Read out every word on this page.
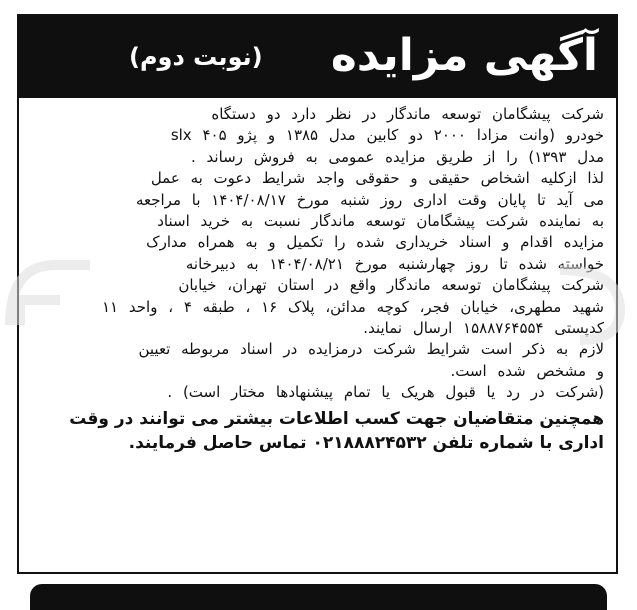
آگهی مزایده
(نوبت دوم)
شرکت پیشگامان توسعه ماندگار در نظر دارد دو دستگاه
خودرو (وانت مزادا ۲۰۰۰ دو کابین مدل ۱۳۸۵ و پژو ۴۰۵ slx
مدل ۱۳۹۳) را از طریق مزایده عمومی به فروش رساند .
لذا ازکلیه اشخاص حقیقی و حقوقی واجد شرایط دعوت به عمل
می آید تا پایان وقت اداری روز شنبه مورخ ۱۴۰۴/۰۸/۱۷ با مراجعه
به نماینده شرکت پیشگامان توسعه ماندگار نسبت به خرید اسناد
مزایده اقدام و اسناد خریداری شده را تکمیل و به همراه مدارک
خواسته شده تا روز چهارشنبه مورخ ۱۴۰۴/۰۸/۲۱ به دبیرخانه
شرکت پیشگامان توسعه ماندگار واقع در استان تهران، خیابان
شهید مطهری، خیابان فجر، کوچه مدائن، پلاک ۱۶ ، طبقه ۴ ، واحد ۱۱
کدپستی ۱۵۸۸۷۶۴۵۵۴ ارسال نمایند.
لازم به ذکر است شرایط شرکت درمزایده در اسناد مربوطه تعیین
و مشخص شده است.
(شرکت در رد یا قبول هریک یا تمام پیشنهادها مختار است) .
همچنین متقاضیان جهت کسب اطلاعات بیشتر می توانند در وقت
اداری با شماره تلفن ۰۲۱۸۸۸۲۴۵۳۲ تماس حاصل فرمایند.
